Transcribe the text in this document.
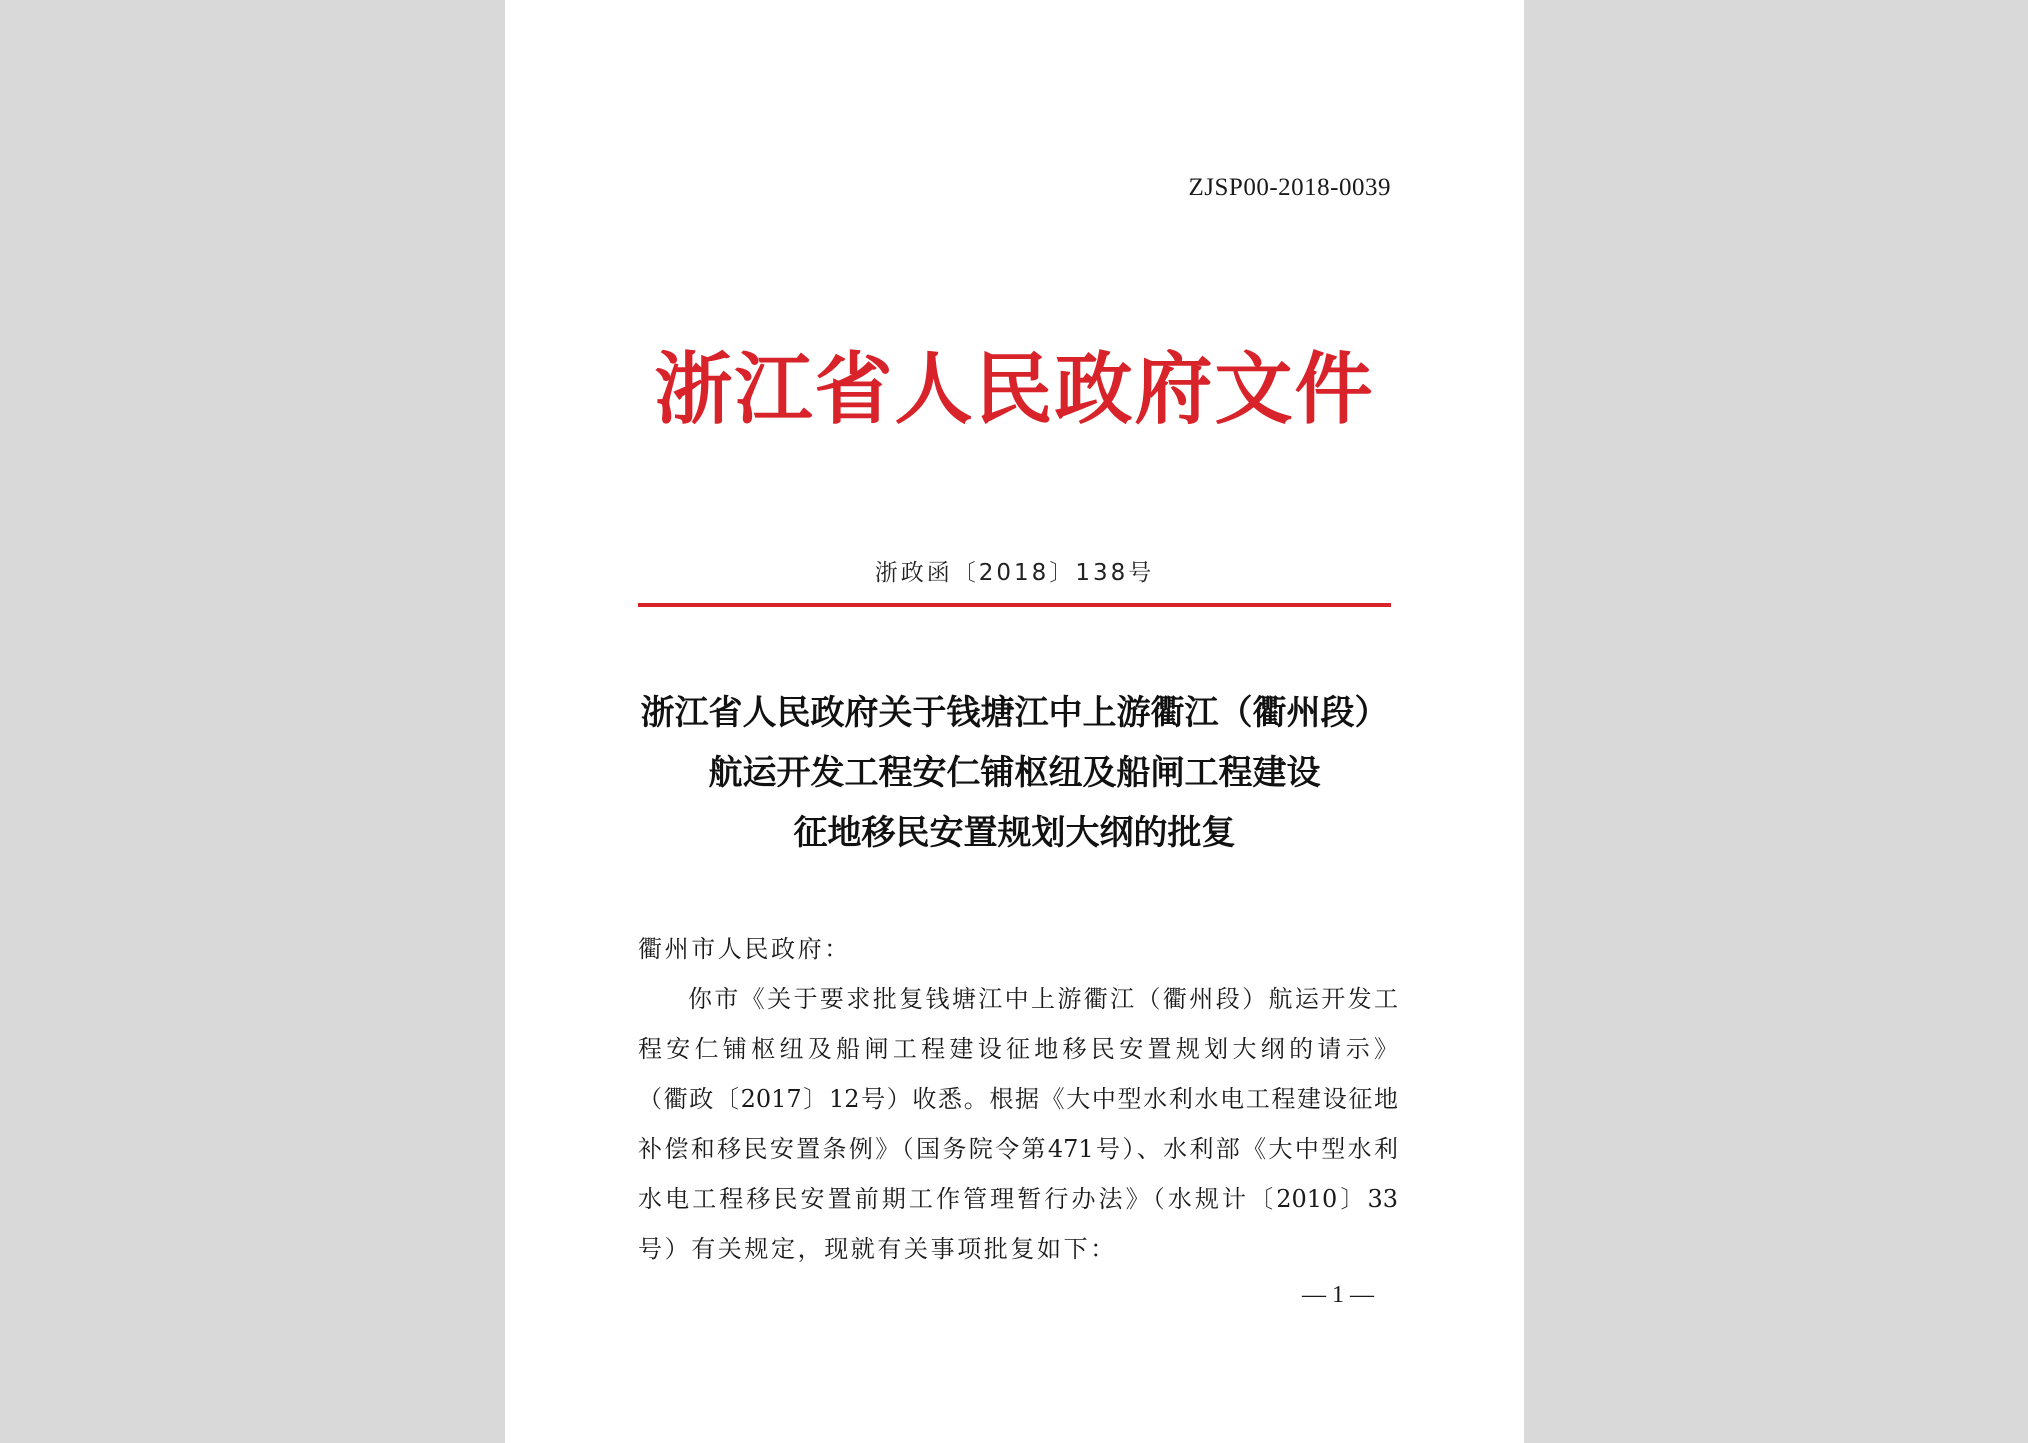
ZJSP00-2018-0039
浙江省人民政府文件
浙政函〔2018〕138号
浙江省人民政府关于钱塘江中上游衢江（衢州段）
航运开发工程安仁铺枢纽及船闸工程建设
征地移民安置规划大纲的批复
衢州市人民政府：
你市《关于要求批复钱塘江中上游衢江（衢州段）航运开发工
程安仁铺枢纽及船闸工程建设征地移民安置规划大纲的请示》
（衢政〔2017〕12号）收悉。根据《大中型水利水电工程建设征地
补偿和移民安置条例》（国务院令第471号）、水利部《大中型水利
水电工程移民安置前期工作管理暂行办法》（水规计〔2010〕33
号）有关规定，现就有关事项批复如下：
— 1 —
